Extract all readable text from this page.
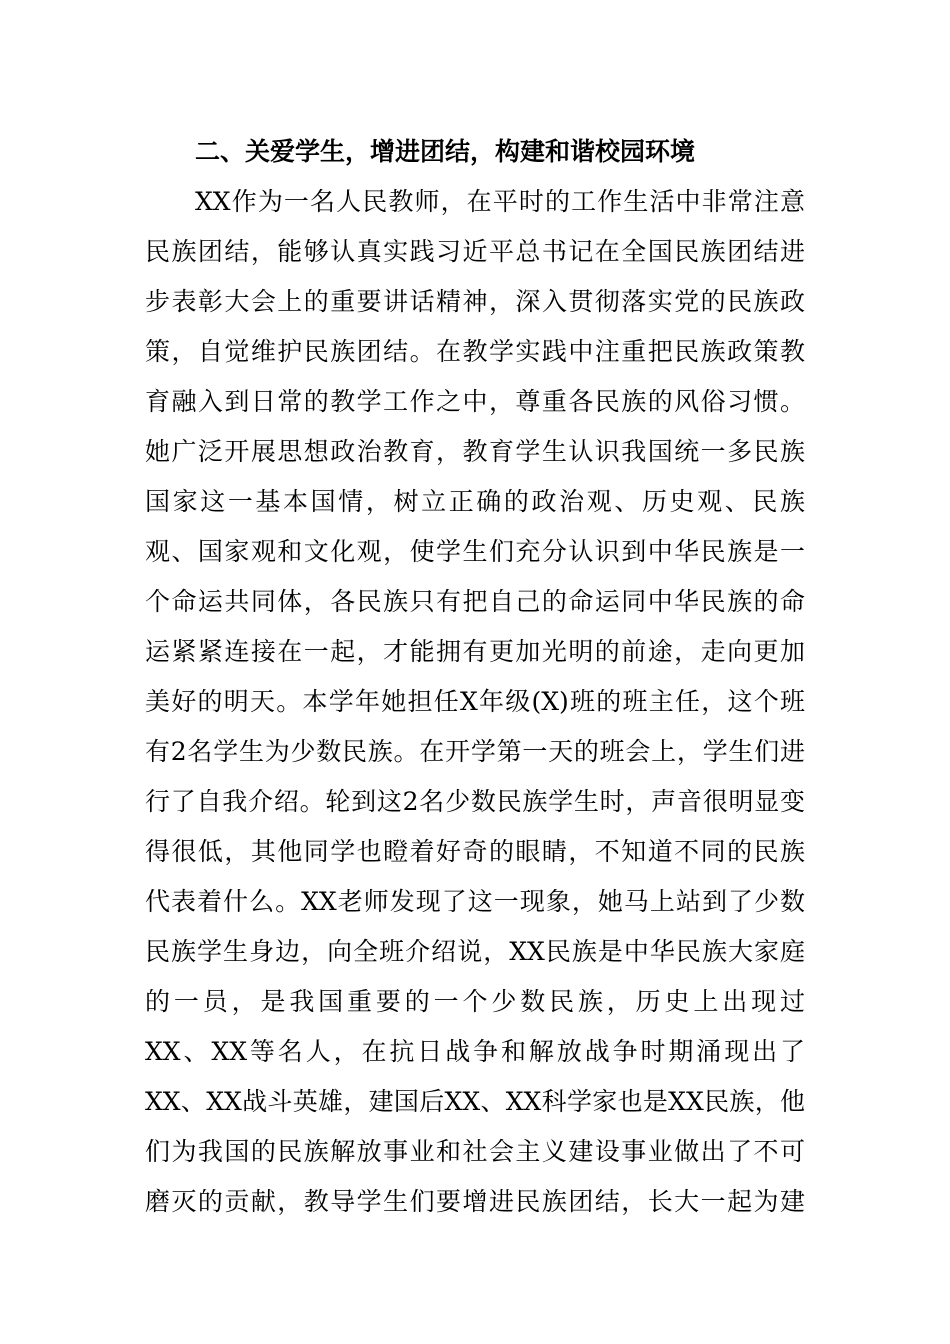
二、关爱学生，增进团结，构建和谐校园环境
XX作为一名人民教师，在平时的工作生活中非常注意
民族团结，能够认真实践习近平总书记在全国民族团结进
步表彰大会上的重要讲话精神，深入贯彻落实党的民族政
策，自觉维护民族团结。在教学实践中注重把民族政策教
育融入到日常的教学工作之中，尊重各民族的风俗习惯。
她广泛开展思想政治教育，教育学生认识我国统一多民族
国家这一基本国情，树立正确的政治观、历史观、民族
观、国家观和文化观，使学生们充分认识到中华民族是一
个命运共同体，各民族只有把自己的命运同中华民族的命
运紧紧连接在一起，才能拥有更加光明的前途，走向更加
美好的明天。本学年她担任X年级(X)班的班主任，这个班
有2名学生为少数民族。在开学第一天的班会上，学生们进
行了自我介绍。轮到这2名少数民族学生时，声音很明显变
得很低，其他同学也瞪着好奇的眼睛，不知道不同的民族
代表着什么。XX老师发现了这一现象，她马上站到了少数
民族学生身边，向全班介绍说，XX民族是中华民族大家庭
的一员，是我国重要的一个少数民族，历史上出现过
XX、XX等名人，在抗日战争和解放战争时期涌现出了
XX、XX战斗英雄，建国后XX、XX科学家也是XX民族，他
们为我国的民族解放事业和社会主义建设事业做出了不可
磨灭的贡献，教导学生们要增进民族团结，长大一起为建
